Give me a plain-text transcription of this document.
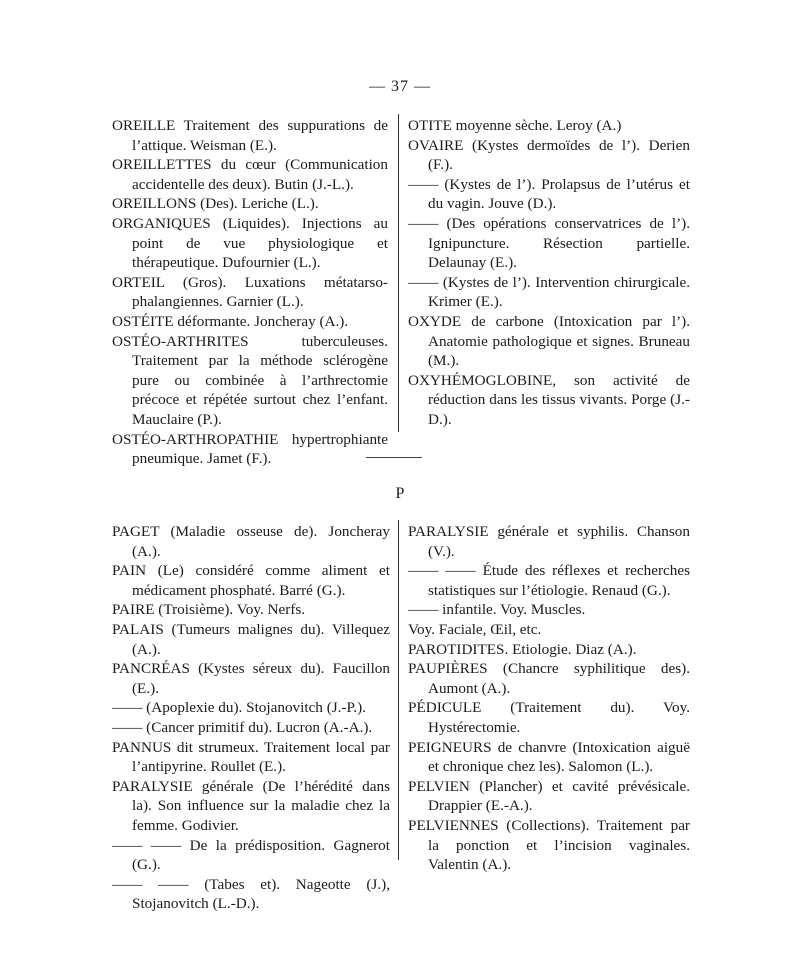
— 37 —

OREILLE Traitement des suppurations de l’attique. Weisman (E.).

OREILLETTES du cœur (Communication accidentelle des deux). Butin (J.-L.).

OREILLONS (Des). Leriche (L.).

ORGANIQUES (Liquides). Injections au point de vue physiologique et thérapeutique. Dufournier (L.).

ORTEIL (Gros). Luxations métatarso-phalangiennes. Garnier (L.).

OSTÉITE déformante. Joncheray (A.).

OSTÉO-ARTHRITES tuberculeuses. Traitement par la méthode sclérogène pure ou combinée à l’arthrectomie précoce et répétée surtout chez l’enfant. Mauclaire (P.).

OSTÉO-ARTHROPATHIE hypertrophiante pneumique. Jamet (F.).

OTITE moyenne sèche. Leroy (A.)

OVAIRE (Kystes dermoïdes de l’). Derien (F.).

—— (Kystes de l’). Prolapsus de l’utérus et du vagin. Jouve (D.).

—— (Des opérations conservatrices de l’). Ignipuncture. Résection partielle. Delaunay (E.).

—— (Kystes de l’). Intervention chirurgicale. Krimer (E.).

OXYDE de carbone (Intoxication par l’). Anatomie pathologique et signes. Bruneau (M.).

OXYHÉMOGLOBINE, son activité de réduction dans les tissus vivants. Porge (J.-D.).

P

PAGET (Maladie osseuse de). Joncheray (A.).

PAIN (Le) considéré comme aliment et médicament phosphaté. Barré (G.).

PAIRE (Troisième). Voy. Nerfs.

PALAIS (Tumeurs malignes du). Villequez (A.).

PANCRÉAS (Kystes séreux du). Faucillon (E.).

—— (Apoplexie du). Stojanovitch (J.-P.).

—— (Cancer primitif du). Lucron (A.-A.).

PANNUS dit strumeux. Traitement local par l’antipyrine. Roullet (E.).

PARALYSIE générale (De l’hérédité dans la). Son influence sur la maladie chez la femme. Godivier.

—— —— De la prédisposition. Gagnerot (G.).

—— —— (Tabes et). Nageotte (J.), Stojanovitch (L.-D.).

PARALYSIE générale et syphilis. Chanson (V.).

—— —— Étude des réflexes et recherches statistiques sur l’étiologie. Renaud (G.).

—— infantile. Voy. Muscles.

Voy. Faciale, Œil, etc.

PAROTIDITES. Etiologie. Diaz (A.).

PAUPIÈRES (Chancre syphilitique des). Aumont (A.).

PÉDICULE (Traitement du). Voy. Hystérectomie.

PEIGNEURS de chanvre (Intoxication aiguë et chronique chez les). Salomon (L.).

PELVIEN (Plancher) et cavité prévésicale. Drappier (E.-A.).

PELVIENNES (Collections). Traitement par la ponction et l’incision vaginales. Valentin (A.).
